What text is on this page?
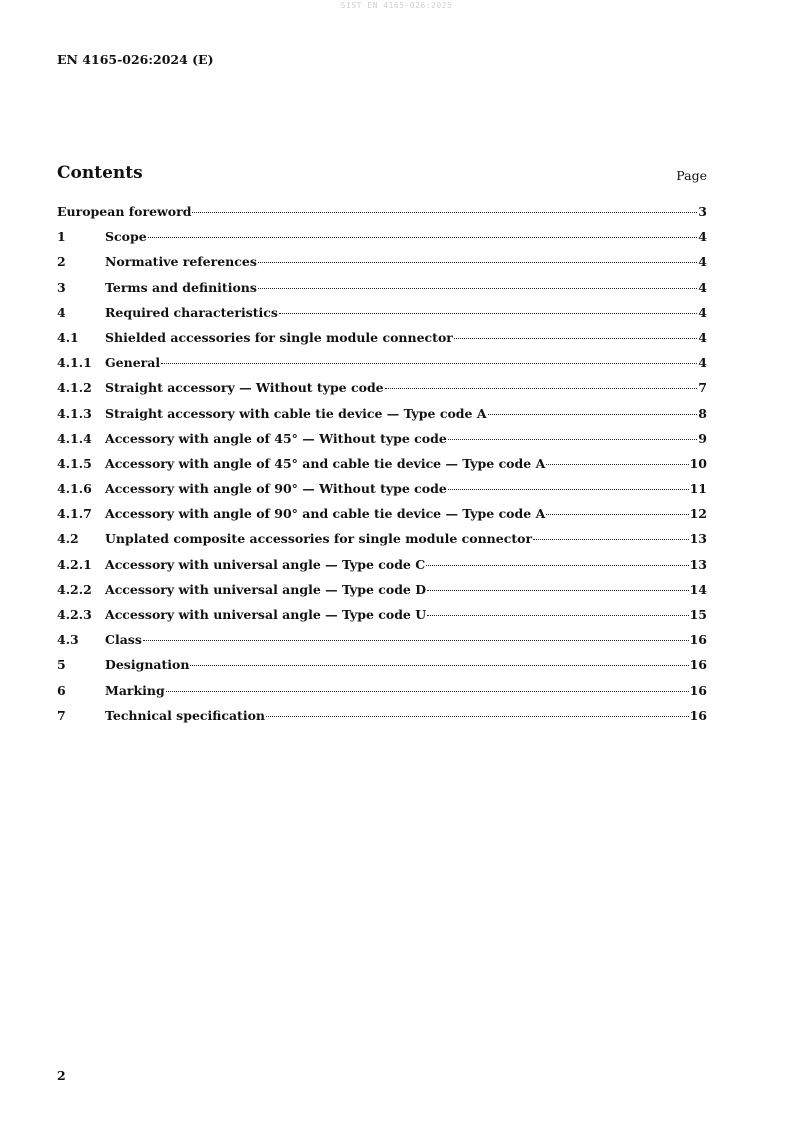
SIST EN 4165-026:2025
EN 4165-026:2024 (E)
Contents	Page
European foreword	3
1	Scope	4
2	Normative references	4
3	Terms and definitions	4
4	Required characteristics	4
4.1	Shielded accessories for single module connector	4
4.1.1	General	4
4.1.2	Straight accessory — Without type code	7
4.1.3	Straight accessory with cable tie device — Type code A	8
4.1.4	Accessory with angle of 45° — Without type code	9
4.1.5	Accessory with angle of 45° and cable tie device — Type code A	10
4.1.6	Accessory with angle of 90° — Without type code	11
4.1.7	Accessory with angle of 90° and cable tie device — Type code A	12
4.2	Unplated composite accessories for single module connector	13
4.2.1	Accessory with universal angle — Type code C	13
4.2.2	Accessory with universal angle — Type code D	14
4.2.3	Accessory with universal angle — Type code U	15
4.3	Class	16
5	Designation	16
6	Marking	16
7	Technical specification	16
2
